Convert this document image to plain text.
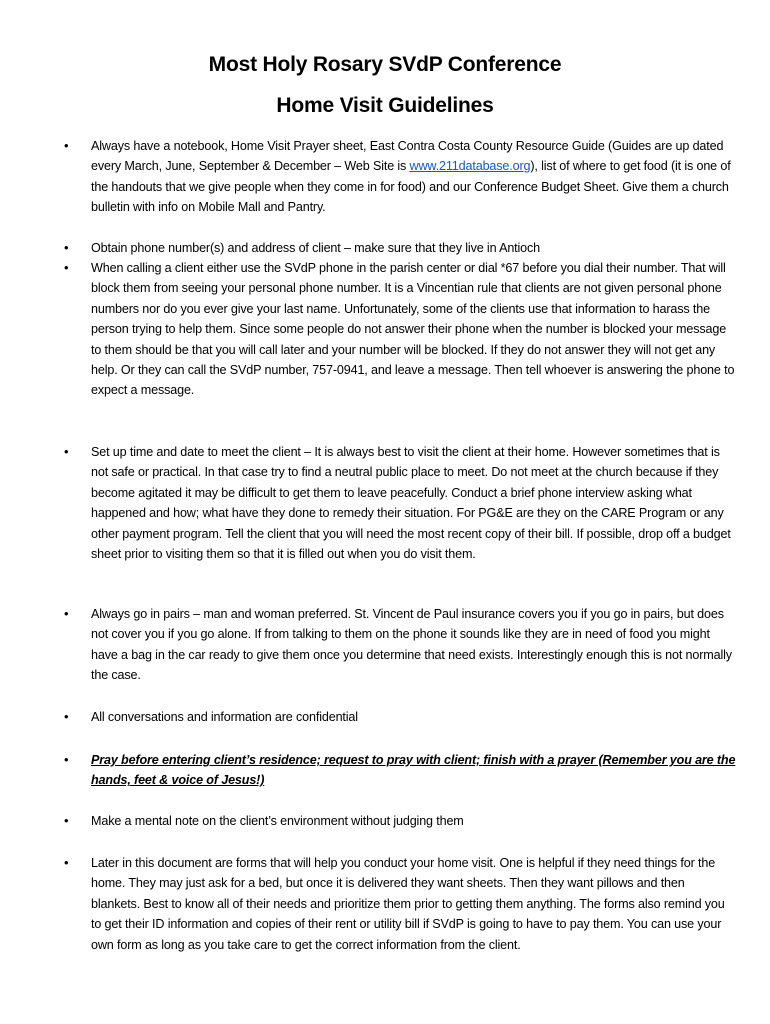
Most Holy Rosary SVdP Conference
Home Visit Guidelines
•	Always have a notebook, Home Visit Prayer sheet, East Contra Costa County Resource Guide (Guides are up dated every March, June, September & December – Web Site is www.211database.org), list of where to get food (it is one of the handouts that we give people when they come in for food) and our Conference Budget Sheet. Give them a church bulletin with info on Mobile Mall and Pantry.
•	Obtain phone number(s) and address of client – make sure that they live in Antioch
•	When calling a client either use the SVdP phone in the parish center or dial *67 before you dial their number. That will block them from seeing your personal phone number. It is a Vincentian rule that clients are not given personal phone numbers nor do you ever give your last name. Unfortunately, some of the clients use that information to harass the person trying to help them. Since some people do not answer their phone when the number is blocked your message to them should be that you will call later and your number will be blocked. If they do not answer they will not get any help. Or they can call the SVdP number, 757-0941, and leave a message. Then tell whoever is answering the phone to expect a message.
•	Set up time and date to meet the client – It is always best to visit the client at their home. However sometimes that is not safe or practical. In that case try to find a neutral public place to meet. Do not meet at the church because if they become agitated it may be difficult to get them to leave peacefully. Conduct a brief phone interview asking what happened and how; what have they done to remedy their situation. For PG&E are they on the CARE Program or any other payment program. Tell the client that you will need the most recent copy of their bill. If possible, drop off a budget sheet prior to visiting them so that it is filled out when you do visit them.
•	Always go in pairs – man and woman preferred. St. Vincent de Paul insurance covers you if you go in pairs, but does not cover you if you go alone. If from talking to them on the phone it sounds like they are in need of food you might have a bag in the car ready to give them once you determine that need exists. Interestingly enough this is not normally the case.
•	All conversations and information are confidential
•	Pray before entering client’s residence; request to pray with client; finish with a prayer (Remember you are the hands, feet & voice of Jesus!)
•	Make a mental note on the client’s environment without judging them
•	Later in this document are forms that will help you conduct your home visit. One is helpful if they need things for the home. They may just ask for a bed, but once it is delivered they want sheets. Then they want pillows and then blankets. Best to know all of their needs and prioritize them prior to getting them anything. The forms also remind you to get their ID information and copies of their rent or utility bill if SVdP is going to have to pay them. You can use your own form as long as you take care to get the correct information from the client.
